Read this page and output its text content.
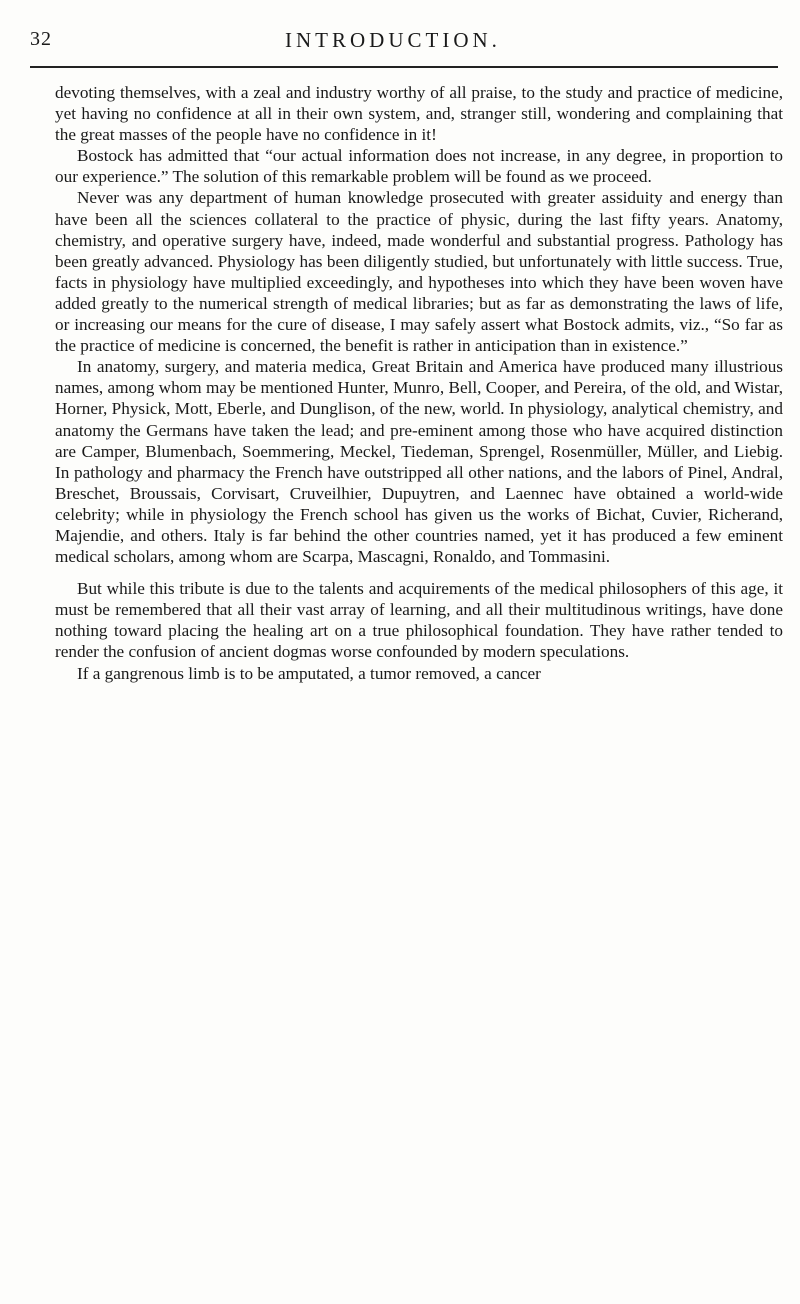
32	INTRODUCTION.

devoting themselves, with a zeal and industry worthy of all praise, to the study and practice of medicine, yet having no confidence at all in their own system, and, stranger still, wondering and complaining that the great masses of the people have no confidence in it!

Bostock has admitted that “our actual information does not increase, in any degree, in proportion to our experience.” The solution of this remarkable problem will be found as we proceed.

Never was any department of human knowledge prosecuted with greater assiduity and energy than have been all the sciences collateral to the practice of physic, during the last fifty years. Anatomy, chemistry, and operative surgery have, indeed, made wonderful and substantial progress. Pathology has been greatly advanced. Physiology has been diligently studied, but unfortunately with little success. True, facts in physiology have multiplied exceedingly, and hypotheses into which they have been woven have added greatly to the numerical strength of medical libraries; but as far as demonstrating the laws of life, or increasing our means for the cure of disease, I may safely assert what Bostock admits, viz., “So far as the practice of medicine is concerned, the benefit is rather in anticipation than in existence.”

In anatomy, surgery, and materia medica, Great Britain and America have produced many illustrious names, among whom may be mentioned Hunter, Munro, Bell, Cooper, and Pereira, of the old, and Wistar, Horner, Physick, Mott, Eberle, and Dunglison, of the new, world. In physiology, analytical chemistry, and anatomy the Germans have taken the lead; and pre-eminent among those who have acquired distinction are Camper, Blumenbach, Soemmering, Meckel, Tiedeman, Sprengel, Rosenmüller, Müller, and Liebig. In pathology and pharmacy the French have outstripped all other nations, and the labors of Pinel, Andral, Breschet, Broussais, Corvisart, Cruveilhier, Dupuytren, and Laennec have obtained a world-wide celebrity; while in physiology the French school has given us the works of Bichat, Cuvier, Richerand, Majendie, and others. Italy is far behind the other countries named, yet it has produced a few eminent medical scholars, among whom are Scarpa, Mascagni, Ronaldo, and Tommasini.

But while this tribute is due to the talents and acquirements of the medical philosophers of this age, it must be remembered that all their vast array of learning, and all their multitudinous writings, have done nothing toward placing the healing art on a true philosophical foundation. They have rather tended to render the confusion of ancient dogmas worse confounded by modern speculations.

If a gangrenous limb is to be amputated, a tumor removed, a cancer
